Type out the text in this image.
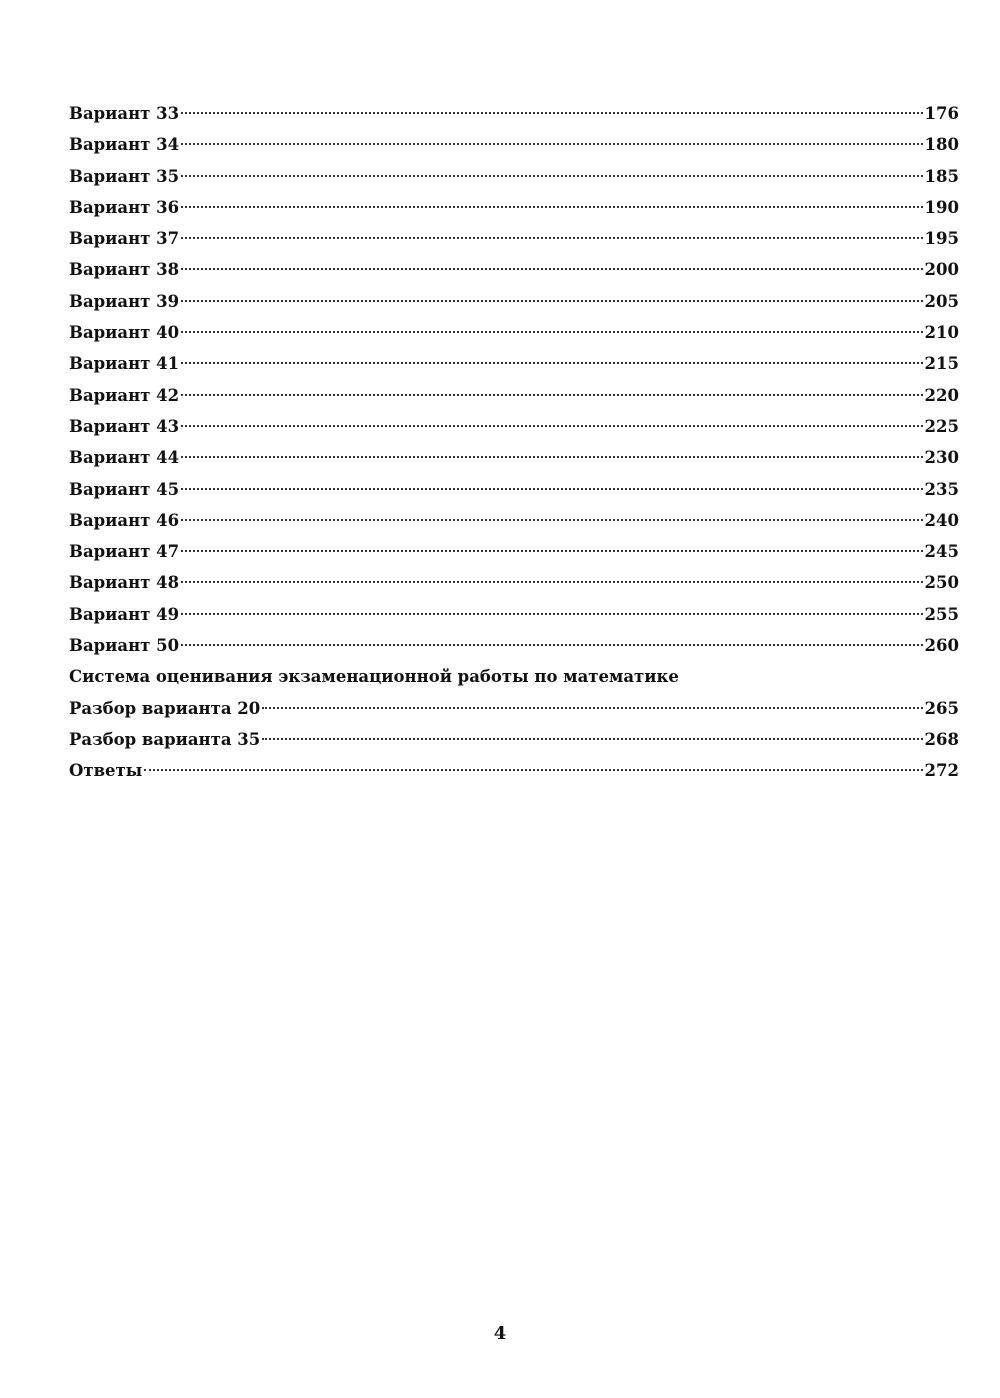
Вариант 33	176
Вариант 34	180
Вариант 35	185
Вариант 36	190
Вариант 37	195
Вариант 38	200
Вариант 39	205
Вариант 40	210
Вариант 41	215
Вариант 42	220
Вариант 43	225
Вариант 44	230
Вариант 45	235
Вариант 46	240
Вариант 47	245
Вариант 48	250
Вариант 49	255
Вариант 50	260
Система оценивания экзаменационной работы по математике
Разбор варианта 20	265
Разбор варианта 35	268
Ответы	272
4
